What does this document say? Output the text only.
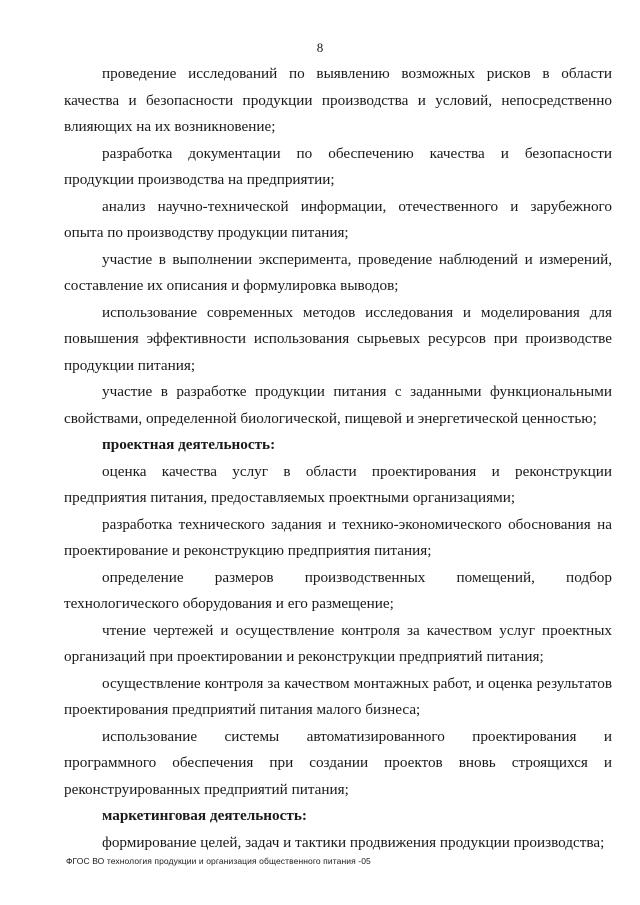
8

проведение исследований по выявлению возможных рисков в области качества и безопасности продукции производства и условий, непосредственно влияющих на их возникновение;

разработка документации по обеспечению качества и безопасности продукции производства на предприятии;

анализ научно-технической информации, отечественного и зарубежного опыта по производству продукции питания;

участие в выполнении эксперимента, проведение наблюдений и измерений, составление их описания и формулировка выводов;

использование современных методов исследования и моделирования для повышения эффективности использования сырьевых ресурсов при производстве продукции питания;

участие в разработке продукции питания с заданными функциональными свойствами, определенной биологической, пищевой и энергетической ценностью;

проектная деятельность:

оценка качества услуг в области проектирования и реконструкции предприятия питания, предоставляемых проектными организациями;

разработка технического задания и технико-экономического обоснования на проектирование и реконструкцию предприятия питания;

определение размеров производственных помещений, подбор технологического оборудования и его размещение;

чтение чертежей и осуществление контроля за качеством услуг проектных организаций при проектировании и реконструкции предприятий питания;

осуществление контроля за качеством монтажных работ, и оценка результатов проектирования предприятий питания малого бизнеса;

использование системы автоматизированного проектирования и программного обеспечения при создании проектов вновь строящихся и реконструированных предприятий питания;

маркетинговая деятельность:

формирование целей, задач и тактики продвижения продукции производства;

ФГОС ВО технология продукции и организация общественного питания -05
